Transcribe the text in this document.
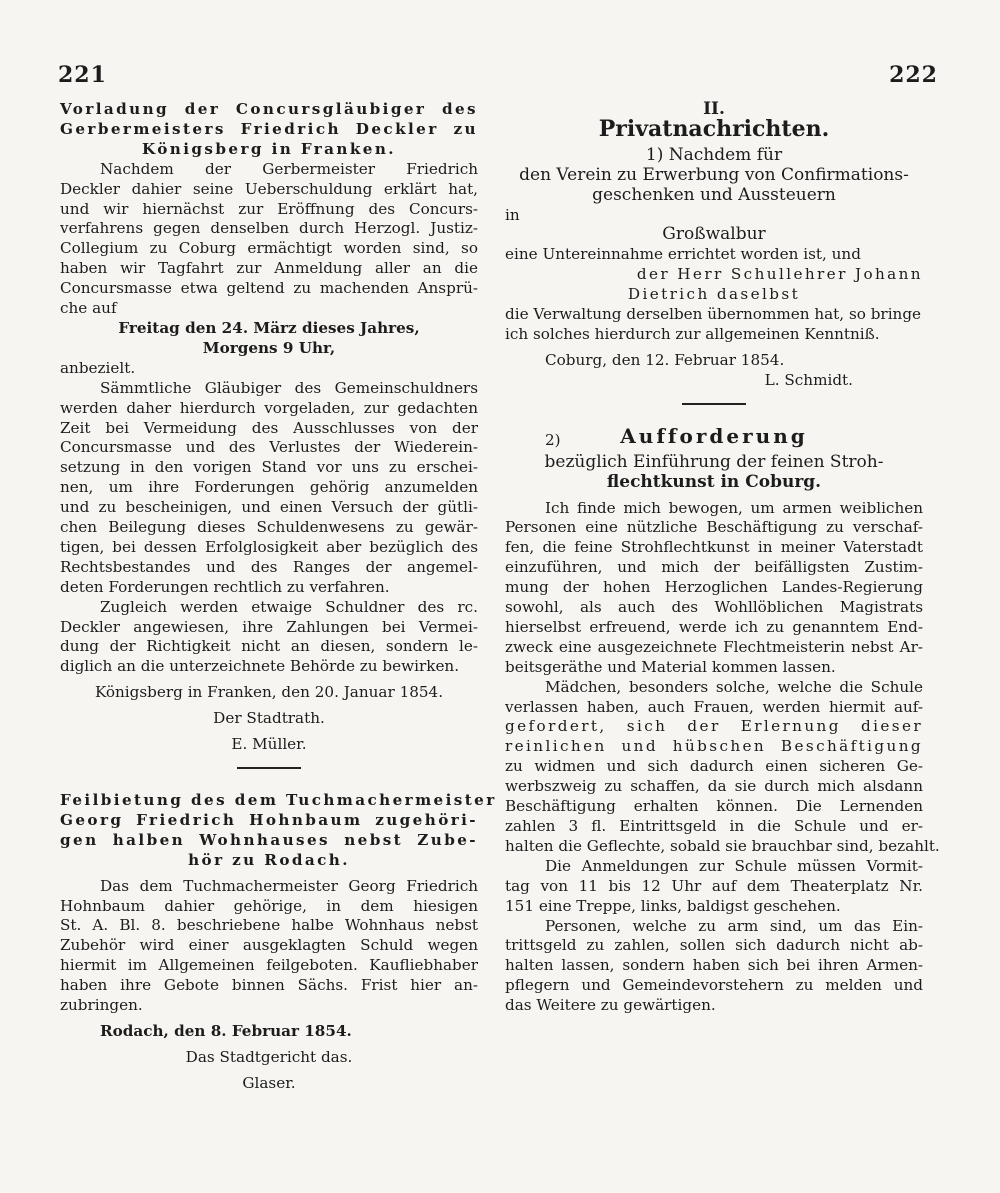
221	222
Vorladung der Concursgläubiger des
Gerbermeisters Friedrich Deckler zu
Königsberg in Franken.
Nachdem der Gerbermeister Friedrich
Deckler dahier seine Ueberschuldung erklärt hat,
und wir hiernächst zur Eröffnung des Concurs-
verfahrens gegen denselben durch Herzogl. Justiz-
Collegium zu Coburg ermächtigt worden sind, so
haben wir Tagfahrt zur Anmeldung aller an die
Concursmasse etwa geltend zu machenden Ansprü-
che auf
Freitag den 24. März dieses Jahres,
Morgens 9 Uhr,
anbezielt.
Sämmtliche Gläubiger des Gemeinschuldners
werden daher hierdurch vorgeladen, zur gedachten
Zeit bei Vermeidung des Ausschlusses von der
Concursmasse und des Verlustes der Wiederein-
setzung in den vorigen Stand vor uns zu erschei-
nen, um ihre Forderungen gehörig anzumelden
und zu bescheinigen, und einen Versuch der gütli-
chen Beilegung dieses Schuldenwesens zu gewär-
tigen, bei dessen Erfolglosigkeit aber bezüglich des
Rechtsbestandes und des Ranges der angemel-
deten Forderungen rechtlich zu verfahren.
Zugleich werden etwaige Schuldner des rc.
Deckler angewiesen, ihre Zahlungen bei Vermei-
dung der Richtigkeit nicht an diesen, sondern le-
diglich an die unterzeichnete Behörde zu bewirken.
Königsberg in Franken, den 20. Januar 1854.
Der Stadtrath.
E. Müller.
Feilbietung des dem Tuchmachermeister
Georg Friedrich Hohnbaum zugehöri-
gen halben Wohnhauses nebst Zube-
hör zu Rodach.
Das dem Tuchmachermeister Georg Friedrich
Hohnbaum dahier gehörige, in dem hiesigen
St. A. Bl. 8. beschriebene halbe Wohnhaus nebst
Zubehör wird einer ausgeklagten Schuld wegen
hiermit im Allgemeinen feilgeboten. Kaufliebhaber
haben ihre Gebote binnen Sächs. Frist hier an-
zubringen.
Rodach, den 8. Februar 1854.
Das Stadtgericht das.
Glaser.
II.
Privatnachrichten.
1) Nachdem für
den Verein zu Erwerbung von Confirmations-
geschenken und Aussteuern
in
Großwalbur
eine Untereinnahme errichtet worden ist, und
der Herr Schullehrer Johann
Dietrich daselbst
die Verwaltung derselben übernommen hat, so bringe
ich solches hierdurch zur allgemeinen Kenntniß.
Coburg, den 12. Februar 1854.
L. Schmidt.
2)	Aufforderung
bezüglich Einführung der feinen Stroh-
flechtkunst in Coburg.
Ich finde mich bewogen, um armen weiblichen
Personen eine nützliche Beschäftigung zu verschaf-
fen, die feine Strohflechtkunst in meiner Vaterstadt
einzuführen, und mich der beifälligsten Zustim-
mung der hohen Herzoglichen Landes-Regierung
sowohl, als auch des Wohllöblichen Magistrats
hierselbst erfreuend, werde ich zu genanntem End-
zweck eine ausgezeichnete Flechtmeisterin nebst Ar-
beitsgeräthe und Material kommen lassen.
Mädchen, besonders solche, welche die Schule
verlassen haben, auch Frauen, werden hiermit auf-
gefordert, sich der Erlernung dieser
reinlichen und hübschen Beschäftigung
zu widmen und sich dadurch einen sicheren Ge-
werbszweig zu schaffen, da sie durch mich alsdann
Beschäftigung erhalten können. Die Lernenden
zahlen 3 fl. Eintrittsgeld in die Schule und er-
halten die Geflechte, sobald sie brauchbar sind, bezahlt.
Die Anmeldungen zur Schule müssen Vormit-
tag von 11 bis 12 Uhr auf dem Theaterplatz Nr.
151 eine Treppe, links, baldigst geschehen.
Personen, welche zu arm sind, um das Ein-
trittsgeld zu zahlen, sollen sich dadurch nicht ab-
halten lassen, sondern haben sich bei ihren Armen-
pflegern und Gemeindevorstehern zu melden und
das Weitere zu gewärtigen.
